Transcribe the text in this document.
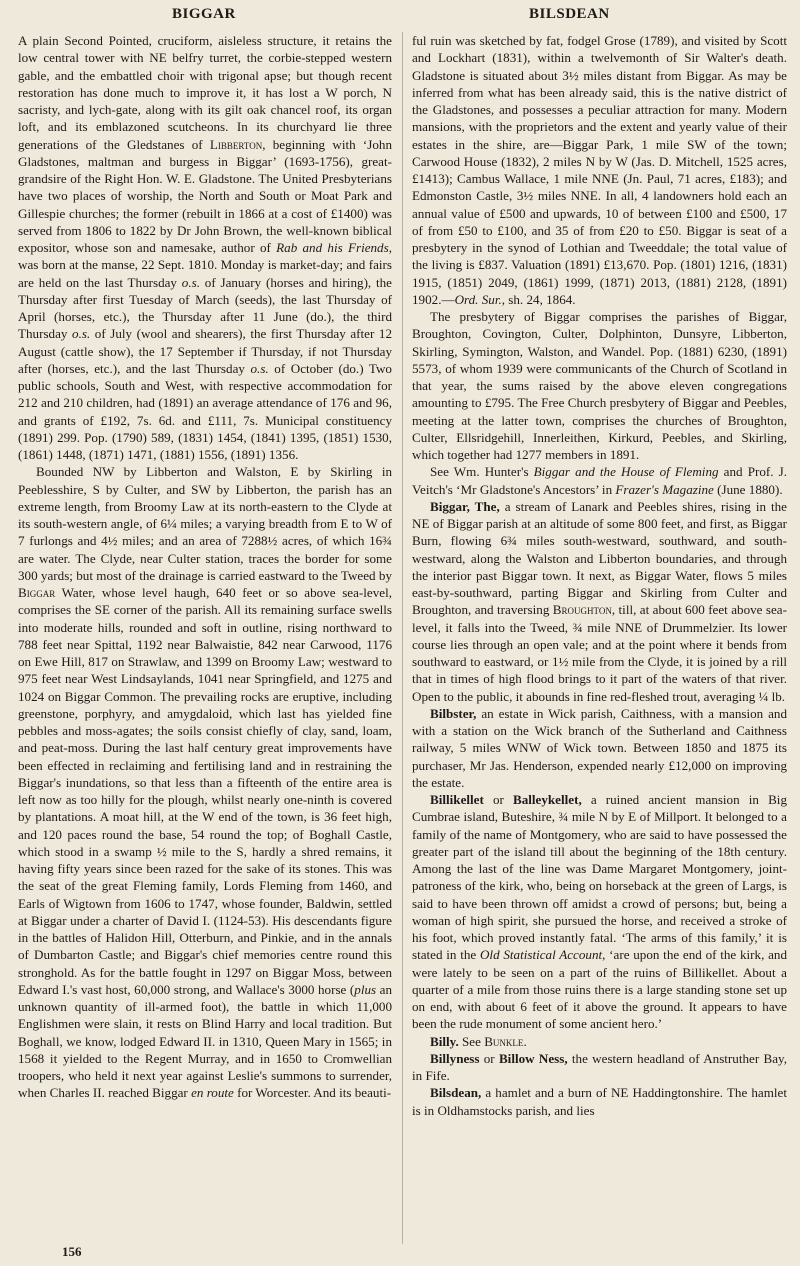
BIGGAR	BILSDEAN

A plain Second Pointed, cruciform, aisleless structure, it retains the low central tower with NE belfry turret, the corbie-stepped western gable, and the embattled choir with trigonal apse; but though recent restoration has done much to improve it, it has lost a W porch, N sacristy, and lych-gate, along with its gilt oak chancel roof, its organ loft, and its emblazoned scutcheons. In its churchyard lie three generations of the Gledstanes of Libberton, beginning with ‘John Gladstones, maltman and burgess in Biggar’ (1693-1756), great-grandsire of the Right Hon. W. E. Gladstone. The United Presbyterians have two places of worship, the North and South or Moat Park and Gillespie churches; the former (rebuilt in 1866 at a cost of £1400) was served from 1806 to 1822 by Dr John Brown, the well-known biblical expositor, whose son and namesake, author of Rab and his Friends, was born at the manse, 22 Sept. 1810. Monday is market-day; and fairs are held on the last Thursday o.s. of January (horses and hiring), the Thursday after first Tuesday of March (seeds), the last Thursday of April (horses, etc.), the Thursday after 11 June (do.), the third Thursday o.s. of July (wool and shearers), the first Thursday after 12 August (cattle show), the 17 September if Thursday, if not Thursday after (horses, etc.), and the last Thursday o.s. of October (do.) Two public schools, South and West, with respective accommodation for 212 and 210 children, had (1891) an average attendance of 176 and 96, and grants of £192, 7s. 6d. and £111, 7s. Municipal constituency (1891) 299. Pop. (1790) 589, (1831) 1454, (1841) 1395, (1851) 1530, (1861) 1448, (1871) 1471, (1881) 1556, (1891) 1356.

Bounded NW by Libberton and Walston, E by Skirling in Peeblesshire, S by Culter, and SW by Libberton, the parish has an extreme length, from Broomy Law at its north-eastern to the Clyde at its south-western angle, of 6¼ miles; a varying breadth from E to W of 7 furlongs and 4½ miles; and an area of 7288½ acres, of which 16¾ are water. The Clyde, near Culter station, traces the border for some 300 yards; but most of the drainage is carried eastward to the Tweed by Biggar Water, whose level haugh, 640 feet or so above sea-level, comprises the SE corner of the parish. All its remaining surface swells into moderate hills, rounded and soft in outline, rising northward to 788 feet near Spittal, 1192 near Balwaistie, 842 near Carwood, 1176 on Ewe Hill, 817 on Strawlaw, and 1399 on Broomy Law; westward to 975 feet near West Lindsaylands, 1041 near Springfield, and 1275 and 1024 on Biggar Common. The prevailing rocks are eruptive, including greenstone, porphyry, and amygdaloid, which last has yielded fine pebbles and moss-agates; the soils consist chiefly of clay, sand, loam, and peat-moss. During the last half century great improvements have been effected in reclaiming and fertilising land and in restraining the Biggar's inundations, so that less than a fifteenth of the entire area is left now as too hilly for the plough, whilst nearly one-ninth is covered by plantations. A moat hill, at the W end of the town, is 36 feet high, and 120 paces round the base, 54 round the top; of Boghall Castle, which stood in a swamp ½ mile to the S, hardly a shred remains, it having fifty years since been razed for the sake of its stones. This was the seat of the great Fleming family, Lords Fleming from 1460, and Earls of Wigtown from 1606 to 1747, whose founder, Baldwin, settled at Biggar under a charter of David I. (1124-53). His descendants figure in the battles of Halidon Hill, Otterburn, and Pinkie, and in the annals of Dumbarton Castle; and Biggar's chief memories centre round this stronghold. As for the battle fought in 1297 on Biggar Moss, between Edward I.'s vast host, 60,000 strong, and Wallace's 3000 horse (plus an unknown quantity of ill-armed foot), the battle in which 11,000 Englishmen were slain, it rests on Blind Harry and local tradition. But Boghall, we know, lodged Edward II. in 1310, Queen Mary in 1565; in 1568 it yielded to the Regent Murray, and in 1650 to Cromwellian troopers, who held it next year against Leslie's summons to surrender, when Charles II. reached Biggar en route for Worcester. And its beauti-

ful ruin was sketched by fat, fodgel Grose (1789), and visited by Scott and Lockhart (1831), within a twelvemonth of Sir Walter's death. Gladstone is situated about 3½ miles distant from Biggar. As may be inferred from what has been already said, this is the native district of the Gladstones, and possesses a peculiar attraction for many. Modern mansions, with the proprietors and the extent and yearly value of their estates in the shire, are—Biggar Park, 1 mile SW of the town; Carwood House (1832), 2 miles N by W (Jas. D. Mitchell, 1525 acres, £1413); Cambus Wallace, 1 mile NNE (Jn. Paul, 71 acres, £183); and Edmonston Castle, 3½ miles NNE. In all, 4 landowners hold each an annual value of £500 and upwards, 10 of between £100 and £500, 17 of from £50 to £100, and 35 of from £20 to £50. Biggar is seat of a presbytery in the synod of Lothian and Tweeddale; the total value of the living is £837. Valuation (1891) £13,670. Pop. (1801) 1216, (1831) 1915, (1851) 2049, (1861) 1999, (1871) 2013, (1881) 2128, (1891) 1902.—Ord. Sur., sh. 24, 1864.

The presbytery of Biggar comprises the parishes of Biggar, Broughton, Covington, Culter, Dolphinton, Dunsyre, Libberton, Skirling, Symington, Walston, and Wandel. Pop. (1881) 6230, (1891) 5573, of whom 1939 were communicants of the Church of Scotland in that year, the sums raised by the above eleven congregations amounting to £795. The Free Church presbytery of Biggar and Peebles, meeting at the latter town, comprises the churches of Broughton, Culter, Ellsridgehill, Innerleithen, Kirkurd, Peebles, and Skirling, which together had 1277 members in 1891.

See Wm. Hunter's Biggar and the House of Fleming and Prof. J. Veitch's ‘Mr Gladstone's Ancestors’ in Frazer's Magazine (June 1880).

Biggar, The, a stream of Lanark and Peebles shires, rising in the NE of Biggar parish at an altitude of some 800 feet, and first, as Biggar Burn, flowing 6¾ miles south-westward, southward, and south-westward, along the Walston and Libberton boundaries, and through the interior past Biggar town. It next, as Biggar Water, flows 5 miles east-by-southward, parting Biggar and Skirling from Culter and Broughton, and traversing Broughton, till, at about 600 feet above sea-level, it falls into the Tweed, ¾ mile NNE of Drummelzier. Its lower course lies through an open vale; and at the point where it bends from southward to eastward, or 1½ mile from the Clyde, it is joined by a rill that in times of high flood brings to it part of the waters of that river. Open to the public, it abounds in fine red-fleshed trout, averaging ¼ lb.

Bilbster, an estate in Wick parish, Caithness, with a mansion and with a station on the Wick branch of the Sutherland and Caithness railway, 5 miles WNW of Wick town. Between 1850 and 1875 its purchaser, Mr Jas. Henderson, expended nearly £12,000 on improving the estate.

Billikellet or Balleykellet, a ruined ancient mansion in Big Cumbrae island, Buteshire, ¾ mile N by E of Millport. It belonged to a family of the name of Montgomery, who are said to have possessed the greater part of the island till about the beginning of the 18th century. Among the last of the line was Dame Margaret Montgomery, joint-patroness of the kirk, who, being on horseback at the green of Largs, is said to have been thrown off amidst a crowd of persons; but, being a woman of high spirit, she pursued the horse, and received a stroke of his foot, which proved instantly fatal. ‘The arms of this family,’ it is stated in the Old Statistical Account, ‘are upon the end of the kirk, and were lately to be seen on a part of the ruins of Billikellet. About a quarter of a mile from those ruins there is a large standing stone set up on end, with about 6 feet of it above the ground. It appears to have been the rude monument of some ancient hero.’

Billy. See Bunkle.

Billyness or Billow Ness, the western headland of Anstruther Bay, in Fife.

Bilsdean, a hamlet and a burn of NE Haddingtonshire. The hamlet is in Oldhamstocks parish, and lies

156
